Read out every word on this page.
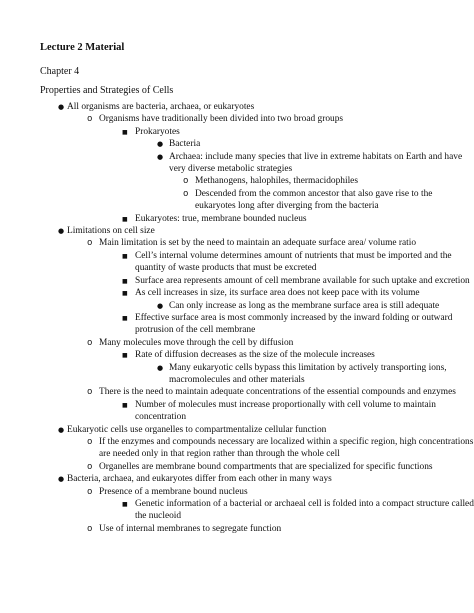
Lecture 2 Material
Chapter 4
Properties and Strategies of Cells
● All organisms are bacteria, archaea, or eukaryotes
o Organisms have traditionally been divided into two broad groups
■ Prokaryotes
● Bacteria
● Archaea: include many species that live in extreme habitats on Earth and have very diverse metabolic strategies
o Methanogens, halophiles, thermacidophiles
o Descended from the common ancestor that also gave rise to the eukaryotes long after diverging from the bacteria
■ Eukaryotes: true, membrane bounded nucleus
● Limitations on cell size
o Main limitation is set by the need to maintain an adequate surface area/ volume ratio
■ Cell’s internal volume determines amount of nutrients that must be imported and the quantity of waste products that must be excreted
■ Surface area represents amount of cell membrane available for such uptake and excretion
■ As cell increases in size, its surface area does not keep pace with its volume
● Can only increase as long as the membrane surface area is still adequate
■ Effective surface area is most commonly increased by the inward folding or outward protrusion of the cell membrane
o Many molecules move through the cell by diffusion
■ Rate of diffusion decreases as the size of the molecule increases
● Many eukaryotic cells bypass this limitation by actively transporting ions, macromolecules and other materials
o There is the need to maintain adequate concentrations of the essential compounds and enzymes
■ Number of molecules must increase proportionally with cell volume to maintain concentration
● Eukaryotic cells use organelles to compartmentalize cellular function
o If the enzymes and compounds necessary are localized within a specific region, high concentrations are needed only in that region rather than through the whole cell
o Organelles are membrane bound compartments that are specialized for specific functions
● Bacteria, archaea, and eukaryotes differ from each other in many ways
o Presence of a membrane bound nucleus
■ Genetic information of a bacterial or archaeal cell is folded into a compact structure called the nucleoid
o Use of internal membranes to segregate function
